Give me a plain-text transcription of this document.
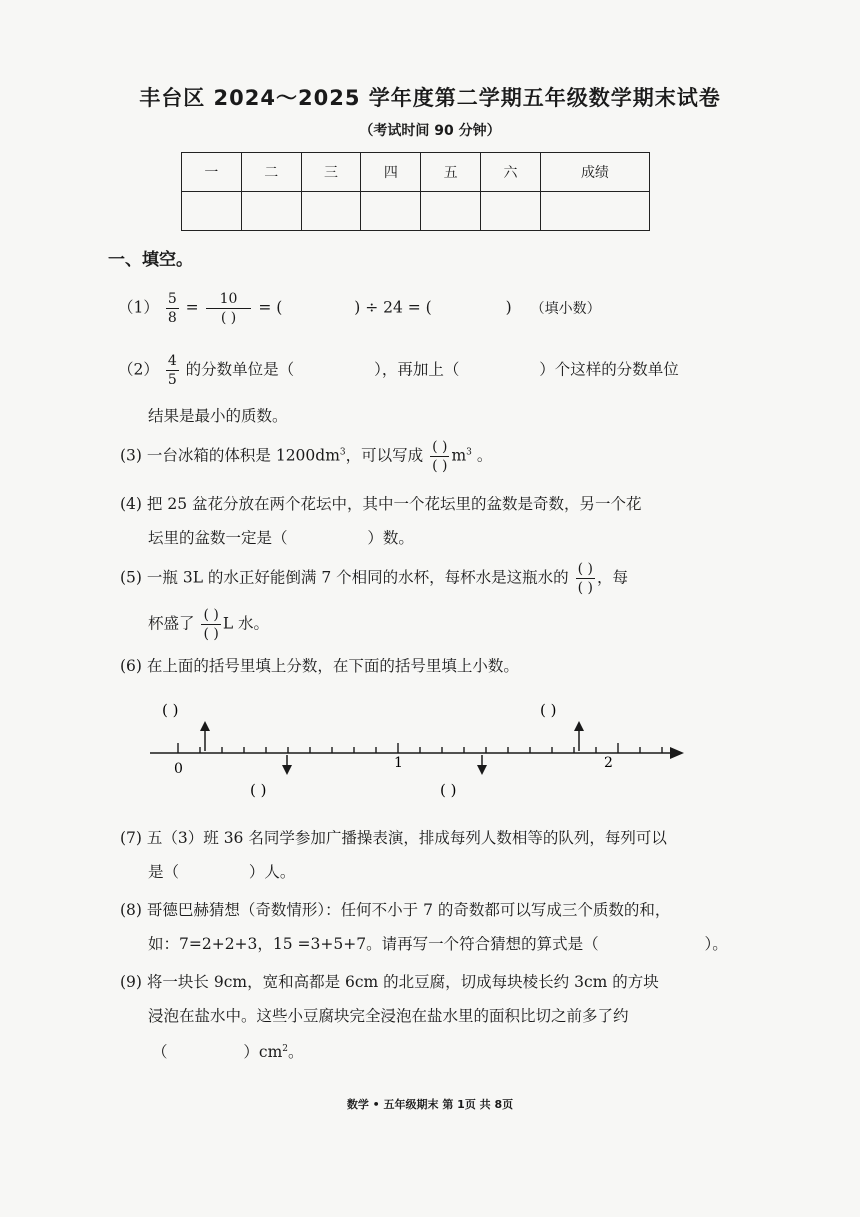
丰台区 2024～2025 学年度第二学期五年级数学期末试卷
（考试时间 90 分钟）
一	二	三	四	五	六	成绩

一、填空。
$(1) \frac{5}{8} = \frac{10}{( )}$ = (	) ÷ 24 = (	) （填小数）
$(2) \frac{4}{5}$ 的分数单位是（	），再加上（	）个这样的分数单位
结果是最小的质数。
(3) 一台冰箱的体积是 $1200dm^3$，可以写成 $\frac{( )}{( )} m^3$ 。
(4) 把 25 盆花分放在两个花坛中，其中一个花坛里的盆数是奇数，另一个花
坛里的盆数一定是（	）数。
(5) 一瓶 3L 的水正好能倒满 7 个相同的水杯，每杯水是这瓶水的 $\frac{( )}{( )}$ ，每
杯盛了 $\frac{( )}{( )}$ L 水。
(6) 在上面的括号里填上分数，在下面的括号里填上小数。
( )	( )
( )	( )
0	1	2
(7) 五（3）班 36 名同学参加广播操表演，排成每列人数相等的队列，每列可以
是（	）人。
(8) 哥德巴赫猜想（奇数情形）：任何不小于 7 的奇数都可以写成三个质数的和，
如：7=2+2+3，15 =3+5+7。请再写一个符合猜想的算式是（	）。
(9) 将一块长 9cm，宽和高都是 6cm 的北豆腐，切成每块棱长约 3cm 的方块
浸泡在盐水中。这些小豆腐块完全浸泡在盐水里的面积比切之前多了约
（	）$cm^2$。
数学 • 五年级期末 第 1页 共 8页
